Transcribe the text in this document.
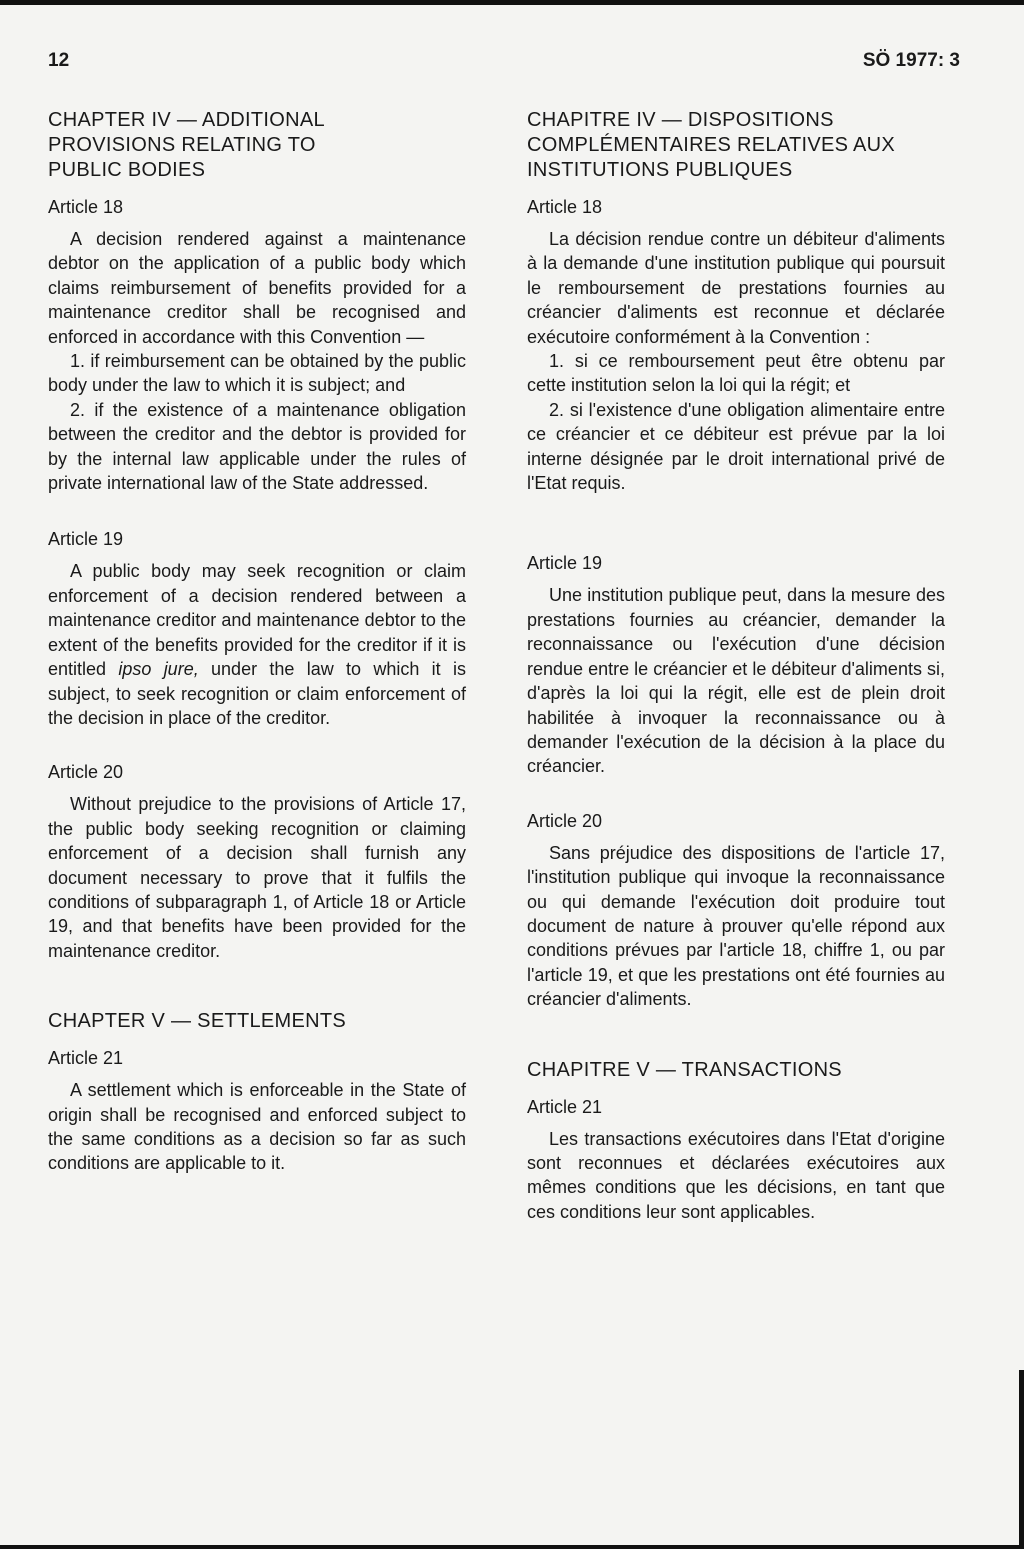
12	SÖ 1977: 3
CHAPTER IV — ADDITIONAL PROVISIONS RELATING TO PUBLIC BODIES
Article 18

A decision rendered against a maintenance debtor on the application of a public body which claims reimbursement of benefits provided for a maintenance creditor shall be recognised and enforced in accordance with this Convention —

1. if reimbursement can be obtained by the public body under the law to which it is subject; and

2. if the existence of a maintenance obligation between the creditor and the debtor is provided for by the internal law applicable under the rules of private international law of the State addressed.

Article 19

A public body may seek recognition or claim enforcement of a decision rendered between a maintenance creditor and maintenance debtor to the extent of the benefits provided for the creditor if it is entitled ipso jure, under the law to which it is subject, to seek recognition or claim enforcement of the decision in place of the creditor.

Article 20

Without prejudice to the provisions of Article 17, the public body seeking recognition or claiming enforcement of a decision shall furnish any document necessary to prove that it fulfils the conditions of subparagraph 1, of Article 18 or Article 19, and that benefits have been provided for the maintenance creditor.

CHAPTER V — SETTLEMENTS
Article 21

A settlement which is enforceable in the State of origin shall be recognised and enforced subject to the same conditions as a decision so far as such conditions are applicable to it.

CHAPITRE IV — DISPOSITIONS COMPLÉMENTAIRES RELATIVES AUX INSTITUTIONS PUBLIQUES
Article 18

La décision rendue contre un débiteur d'aliments à la demande d'une institution publique qui poursuit le remboursement de prestations fournies au créancier d'aliments est reconnue et déclarée exécutoire conformément à la Convention :

1. si ce remboursement peut être obtenu par cette institution selon la loi qui la régit; et

2. si l'existence d'une obligation alimentaire entre ce créancier et ce débiteur est prévue par la loi interne désignée par le droit international privé de l'Etat requis.

Article 19

Une institution publique peut, dans la mesure des prestations fournies au créancier, demander la reconnaissance ou l'exécution d'une décision rendue entre le créancier et le débiteur d'aliments si, d'après la loi qui la régit, elle est de plein droit habilitée à invoquer la reconnaissance ou à demander l'exécution de la décision à la place du créancier.

Article 20

Sans préjudice des dispositions de l'article 17, l'institution publique qui invoque la reconnaissance ou qui demande l'exécution doit produire tout document de nature à prouver qu'elle répond aux conditions prévues par l'article 18, chiffre 1, ou par l'article 19, et que les prestations ont été fournies au créancier d'aliments.

CHAPITRE V — TRANSACTIONS
Article 21

Les transactions exécutoires dans l'Etat d'origine sont reconnues et déclarées exécutoires aux mêmes conditions que les décisions, en tant que ces conditions leur sont applicables.
